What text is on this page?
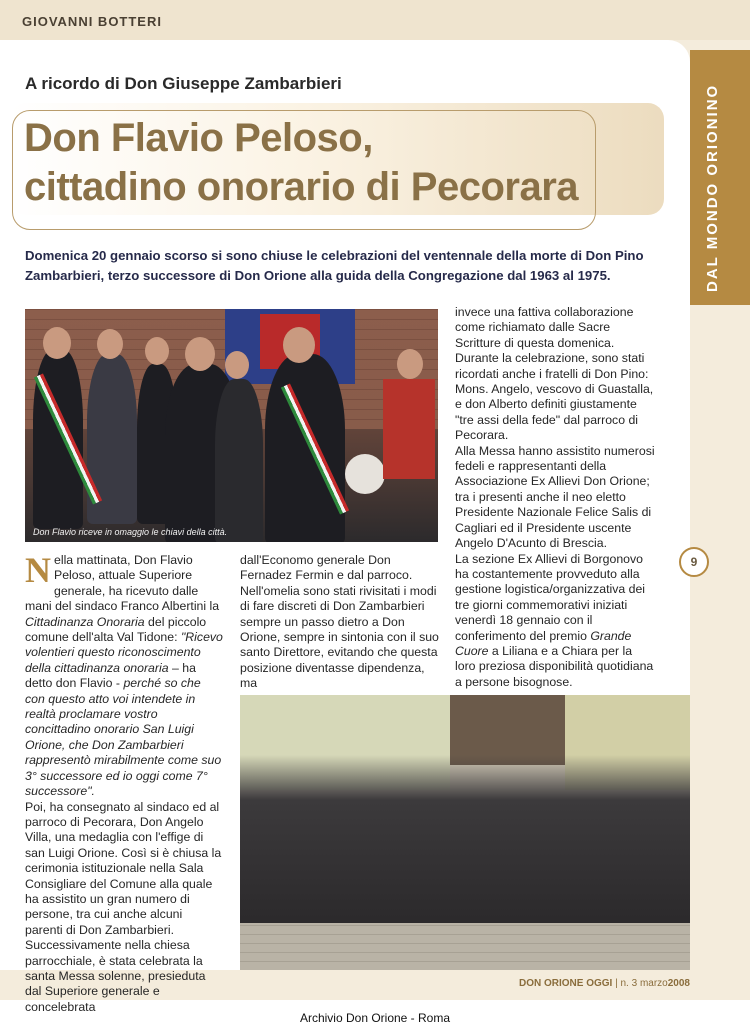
GIOVANNI BOTTERI
DAL MONDO ORIONINO
9
A ricordo di Don Giuseppe Zambarbieri
Don Flavio Peloso,
cittadino onorario di Pecorara

Domenica 20 gennaio scorso si sono chiuse le celebrazioni del ventennale della morte di Don Pino Zambarbieri, terzo successore di Don Orione alla guida della Congregazione dal 1963 al 1975.

Don Flavio riceve in omaggio le chiavi della città.

Nella mattinata, Don Flavio Peloso, attuale Superiore generale, ha ricevuto dalle mani del sindaco Franco Albertini la Cittadinanza Onoraria del piccolo comune dell'alta Val Tidone: "Ricevo volentieri questo riconoscimento della cittadinanza onoraria – ha detto don Flavio - perché so che con questo atto voi intendete in realtà proclamare vostro concittadino onorario San Luigi Orione, che Don Zambarbieri rappresentò mirabilmente come suo 3° successore ed io oggi come 7° successore".

Poi, ha consegnato al sindaco ed al parroco di Pecorara, Don Angelo Villa, una medaglia con l'effige di san Luigi Orione. Così si è chiusa la cerimonia istituzionale nella Sala Consigliare del Comune alla quale ha assistito un gran numero di persone, tra cui anche alcuni parenti di Don Zambarbieri.

Successivamente nella chiesa parrocchiale, è stata celebrata la santa Messa solenne, presieduta dal Superiore generale e concelebrata

dall'Economo generale Don Fernadez Fermin e dal parroco. Nell'omelia sono stati rivisitati i modi di fare discreti di Don Zambarbieri sempre un passo dietro a Don Orione, sempre in sintonia con il suo santo Direttore, evitando che questa posizione diventasse dipendenza, ma

invece una fattiva collaborazione come richiamato dalle Sacre Scritture di questa domenica.

Durante la celebrazione, sono stati ricordati anche i fratelli di Don Pino: Mons. Angelo, vescovo di Guastalla, e don Alberto definiti giustamente "tre assi della fede" dal parroco di Pecorara.

Alla Messa hanno assistito numerosi fedeli e rappresentanti della Associazione Ex Allievi Don Orione; tra i presenti anche il neo eletto Presidente Nazionale Felice Salis di Cagliari ed il Presidente uscente Angelo D'Acunto di Brescia.

La sezione Ex Allievi di Borgonovo ha costantemente provveduto alla gestione logistica/organizzativa dei tre giorni commemorativi iniziati venerdì 18 gennaio con il conferimento del premio Grande Cuore a Liliana e a Chiara per la loro preziosa disponibilità quotidiana a persone bisognose.

DON ORIONE OGGI | n. 3 marzo2008
Archivio Don Orione - Roma
